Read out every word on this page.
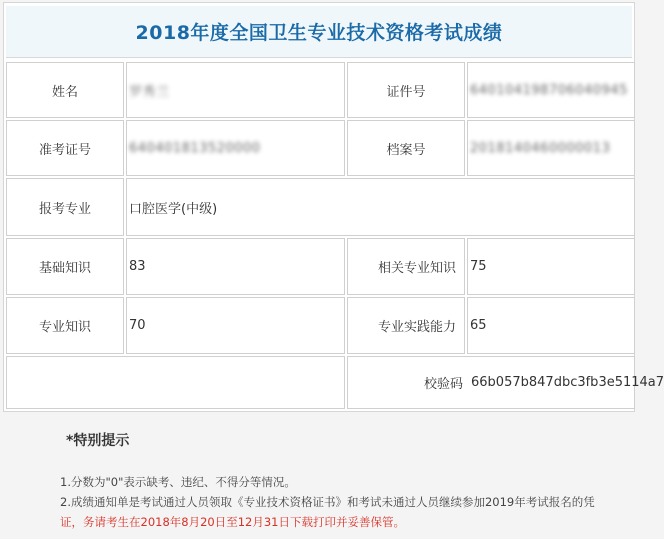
2018年度全国卫生专业技术资格考试成绩
姓名	罗秀兰	证件号	640104198706040945
准考证号	640401813520000	档案号	2018140460000013
报考专业	口腔医学(中级)
基础知识	83	相关专业知识	75
专业知识	70	专业实践能力	65
校验码 66b057b847dbc3fb3e5114a7
*特别提示
1.分数为"0"表示缺考、违纪、不得分等情况。
2.成绩通知单是考试通过人员领取《专业技术资格证书》和考试未通过人员继续参加2019年考试报名的凭
证，务请考生在2018年8月20日至12月31日下载打印并妥善保管。
